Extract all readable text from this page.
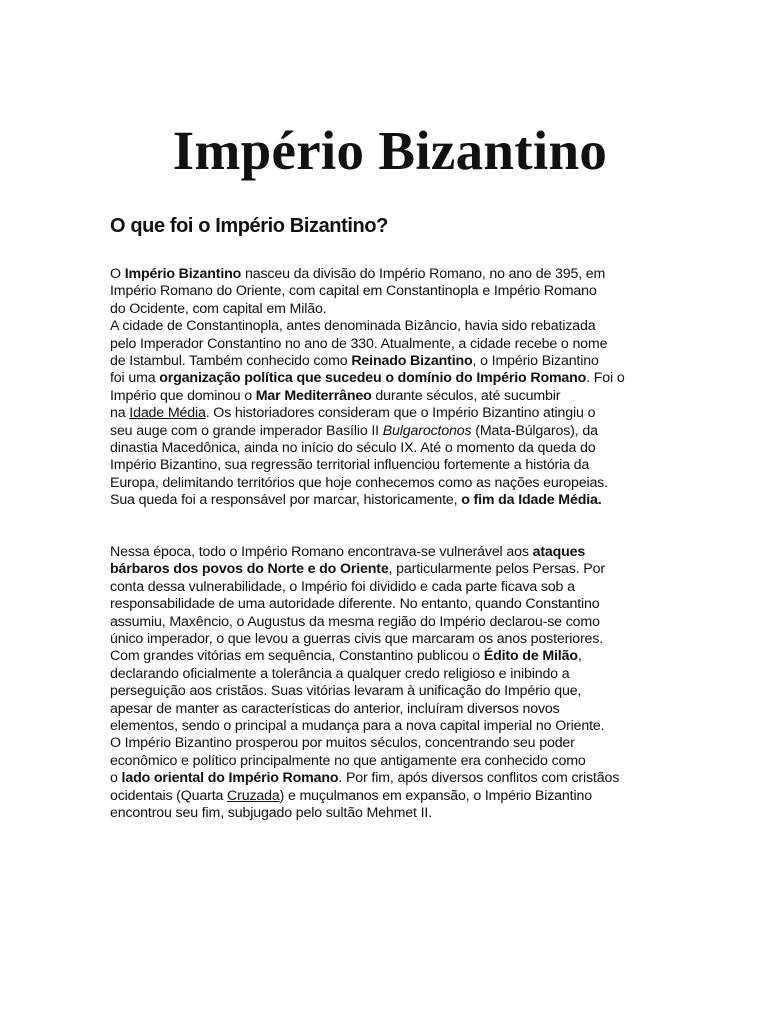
Império Bizantino
O que foi o Império Bizantino?
O Império Bizantino nasceu da divisão do Império Romano, no ano de 395, em
Império Romano do Oriente, com capital em Constantinopla e Império Romano
do Ocidente, com capital em Milão.
A cidade de Constantinopla, antes denominada Bizâncio, havia sido rebatizada
pelo Imperador Constantino no ano de 330. Atualmente, a cidade recebe o nome
de Istambul. Também conhecido como Reinado Bizantino, o Império Bizantino
foi uma organização política que sucedeu o domínio do Império Romano. Foi o
Império que dominou o Mar Mediterrâneo durante séculos, até sucumbir
na Idade Média. Os historiadores consideram que o Império Bizantino atingiu o
seu auge com o grande imperador Basílio II Bulgaroctonos (Mata-Búlgaros), da
dinastia Macedônica, ainda no início do século IX. Até o momento da queda do
Império Bizantino, sua regressão territorial influenciou fortemente a história da
Europa, delimitando territórios que hoje conhecemos como as nações europeias.
Sua queda foi a responsável por marcar, historicamente, o fim da Idade Média.
Nessa época, todo o Império Romano encontrava-se vulnerável aos ataques
bárbaros dos povos do Norte e do Oriente, particularmente pelos Persas. Por
conta dessa vulnerabilidade, o Império foi dividido e cada parte ficava sob a
responsabilidade de uma autoridade diferente. No entanto, quando Constantino
assumiu, Maxêncio, o Augustus da mesma região do Império declarou-se como
único imperador, o que levou a guerras civis que marcaram os anos posteriores.
Com grandes vitórias em sequência, Constantino publicou o Édito de Milão,
declarando oficialmente a tolerância a qualquer credo religioso e inibindo a
perseguição aos cristãos. Suas vitórias levaram à unificação do Império que,
apesar de manter as características do anterior, incluíram diversos novos
elementos, sendo o principal a mudança para a nova capital imperial no Oriente.
O Império Bizantino prosperou por muitos séculos, concentrando seu poder
econômico e político principalmente no que antigamente era conhecido como
o lado oriental do Império Romano. Por fim, após diversos conflitos com cristãos
ocidentais (Quarta Cruzada) e muçulmanos em expansão, o Império Bizantino
encontrou seu fim, subjugado pelo sultão Mehmet II.
